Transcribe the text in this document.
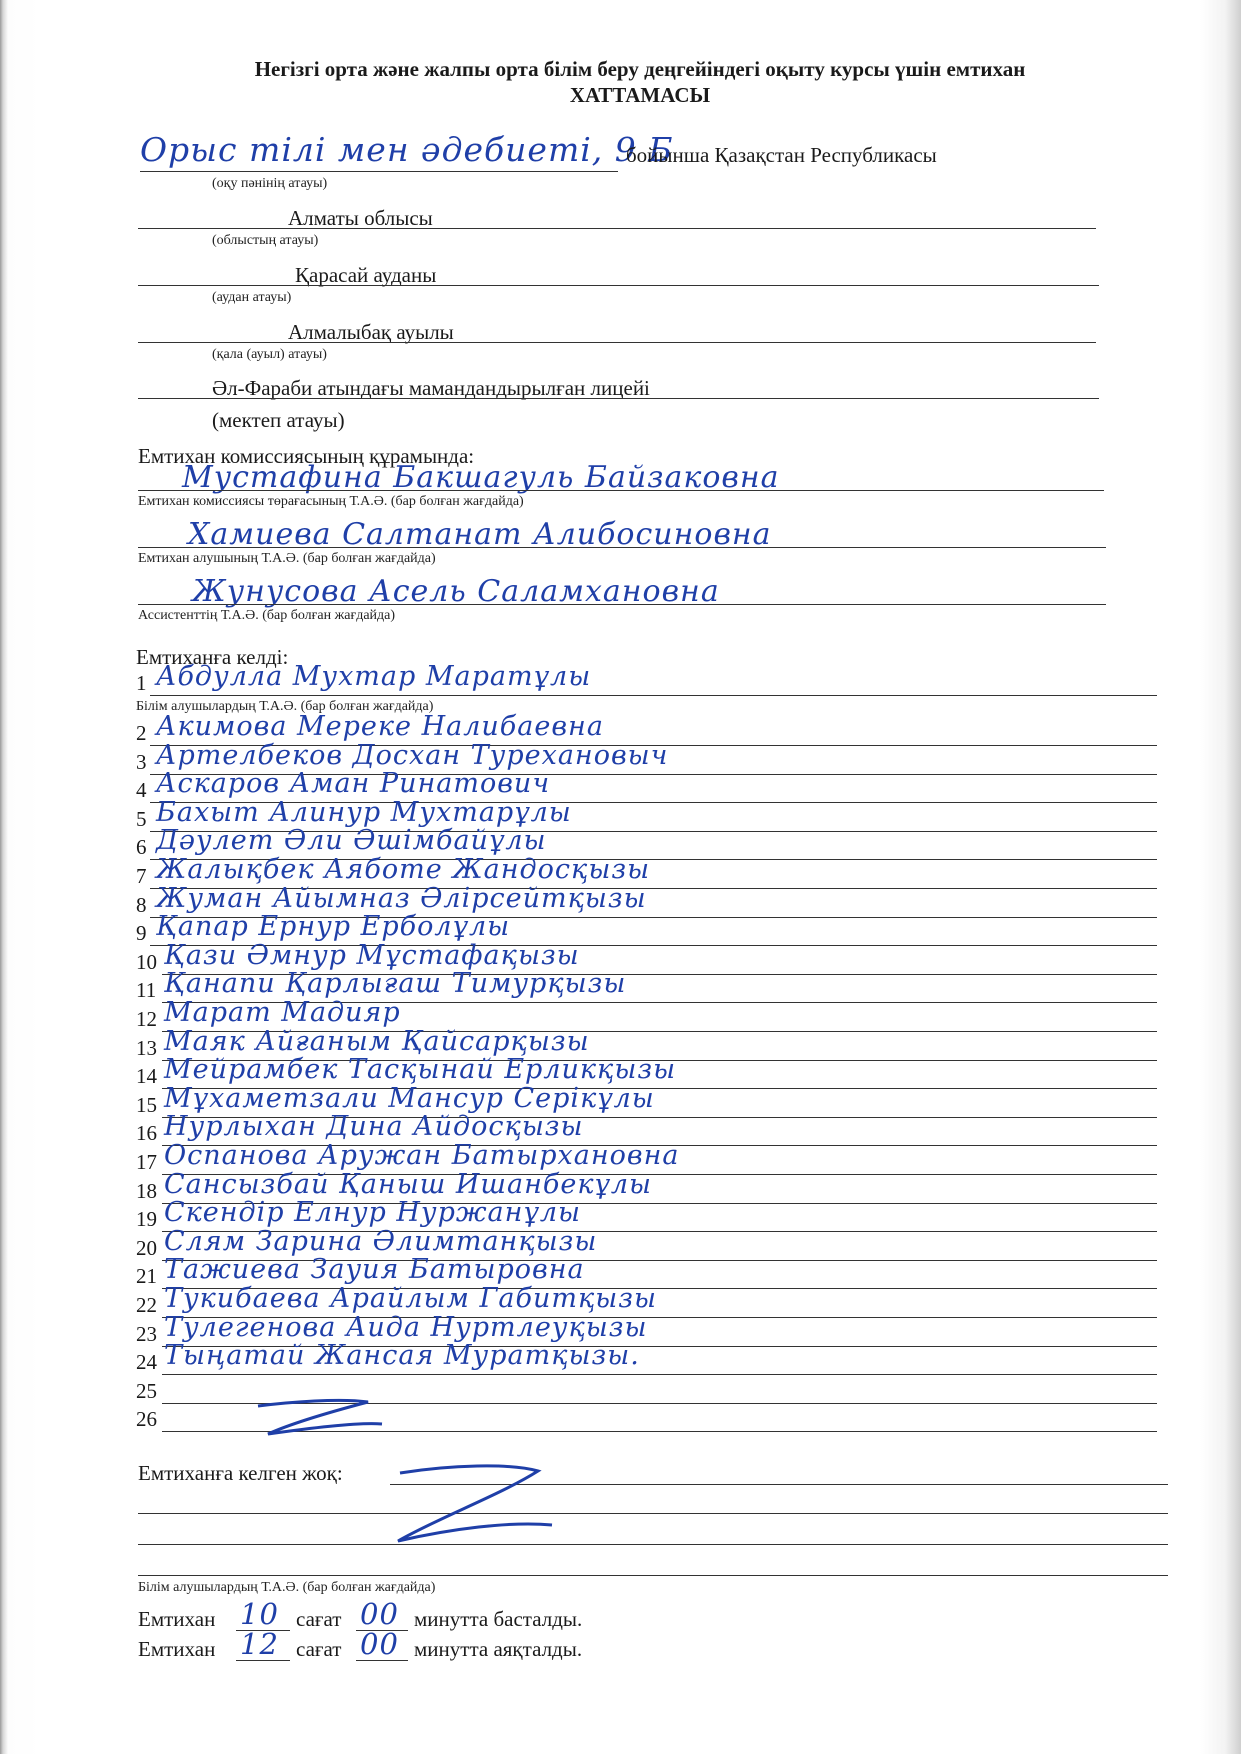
Негізгі орта және жалпы орта білім беру деңгейіндегі оқыту курсы үшін емтихан
ХАТТАМАСЫ
Орыс тілі мен әдебиеті, 9 Б
бойынша Қазақстан Республикасы
(оқу пәнінің атауы)
Алматы облысы
(облыстың атауы)
Қарасай ауданы
(аудан атауы)
Алмалыбақ ауылы
(қала (ауыл) атауы)
Әл-Фараби атындағы мамандандырылған лицейі
(мектеп атауы)
Емтихан комиссиясының құрамында:
Мустафина Бакшагуль Байзаковна
Емтихан комиссиясы төрағасының Т.А.Ә. (бар болған жағдайда)
Хамиева Салтанат Алибосиновна
Емтихан алушының Т.А.Ә. (бар болған жағдайда)
Жунусова Асель Саламхановна
Ассистенттің Т.А.Ә. (бар болған жағдайда)
Емтиханға келді:
1 Абдулла Мухтар Маратұлы
2 Акимова Мереке Налибаевна
3 Артелбеков Досхан Турехановыч
4 Аскаров Аман Ринатович
5 Бахыт Алинур Мухтарұлы
6 Дәулет Әли Әшімбайұлы
7 Жалықбек Аяботе Жандосқызы
8 Жуман Айымназ Әлірсейтқызы
9 Қапар Ернур Ерболұлы
10 Қази Әмнур Мұстафақызы
11 Қанапи Қарлығаш Тимурқызы
12 Марат Мадияр
13 Маяк Айғаным Қайсарқызы
14 Мейрамбек Тасқынай Ерликқызы
15 Мұхаметзали Мансур Серікұлы
16 Нурлыхан Дина Айдосқызы
17 Оспанова Аружан Батырхановна
18 Сансызбай Қаныш Ишанбекұлы
19 Скендір Елнур Нуржанұлы
20 Слям Зарина Әлимтанқызы
21 Тажиева Зауия Батыровна
22 Тукибаева Арайлым Габитқызы
23 Тулегенова Аида Нуртлеуқызы
24 Тыңатай Жансая Муратқызы.
25
26
Білім алушылардың Т.А.Ә. (бар болған жағдайда)
Емтиханға келген жоқ:
Білім алушылардың Т.А.Ә. (бар болған жағдайда)
Емтихан 10 сағат 00 минутта басталды.
Емтихан 12 сағат 00 минутта аяқталды.
